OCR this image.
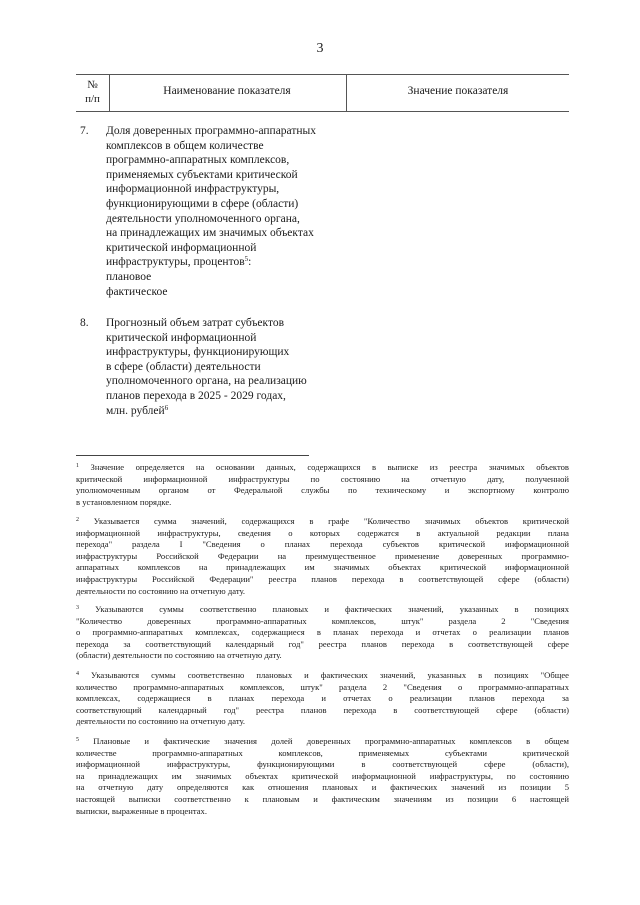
3
№
п/п
Наименование показателя	Значение показателя
7.	Доля доверенных программно-аппаратных
комплексов в общем количестве
программно-аппаратных комплексов,
применяемых субъектами критической
информационной инфраструктуры,
функционирующими в сфере (области)
деятельности уполномоченного органа,
на принадлежащих им значимых объектах
критической информационной
инфраструктуры, процентов$^5$:
плановое
фактическое
8.	Прогнозный объем затрат субъектов
критической информационной
инфраструктуры, функционирующих
в сфере (области) деятельности
уполномоченного органа, на реализацию
планов перехода в 2025 - 2029 годах,
млн. рублей$^6$
$^1$ Значение определяется на основании данных, содержащихся в выписке из реестра значимых объектов
критической информационной инфраструктуры по состоянию на отчетную дату, полученной
уполномоченным органом от Федеральной службы по техническому и экспортному контролю
в установленном порядке.
$^2$ Указывается сумма значений, содержащихся в графе "Количество значимых объектов критической
информационной инфраструктуры, сведения о которых содержатся в актуальной редакции плана
перехода" раздела I "Сведения о планах перехода субъектов критической информационной
инфраструктуры Российской Федерации на преимущественное применение доверенных программно-
аппаратных комплексов на принадлежащих им значимых объектах критической информационной
инфраструктуры Российской Федерации" реестра планов перехода в соответствующей сфере (области)
деятельности по состоянию на отчетную дату.
$^3$ Указываются суммы соответственно плановых и фактических значений, указанных в позициях
"Количество доверенных программно-аппаратных комплексов, штук" раздела 2 "Сведения
о программно-аппаратных комплексах, содержащиеся в планах перехода и отчетах о реализации планов
перехода за соответствующий календарный год" реестра планов перехода в соответствующей сфере
(области) деятельности по состоянию на отчетную дату.
$^4$ Указываются суммы соответственно плановых и фактических значений, указанных в позициях "Общее
количество программно-аппаратных комплексов, штук" раздела 2 "Сведения о программно-аппаратных
комплексах, содержащиеся в планах перехода и отчетах о реализации планов перехода за
соответствующий календарный год" реестра планов перехода в соответствующей сфере (области)
деятельности по состоянию на отчетную дату.
$^5$ Плановые и фактические значения долей доверенных программно-аппаратных комплексов в общем
количестве программно-аппаратных комплексов, применяемых субъектами критической
информационной инфраструктуры, функционирующими в соответствующей сфере (области),
на принадлежащих им значимых объектах критической информационной инфраструктуры, по состоянию
на отчетную дату определяются как отношения плановых и фактических значений из позиции 5
настоящей выписки соответственно к плановым и фактическим значениям из позиции 6 настоящей
выписки, выраженные в процентах.
